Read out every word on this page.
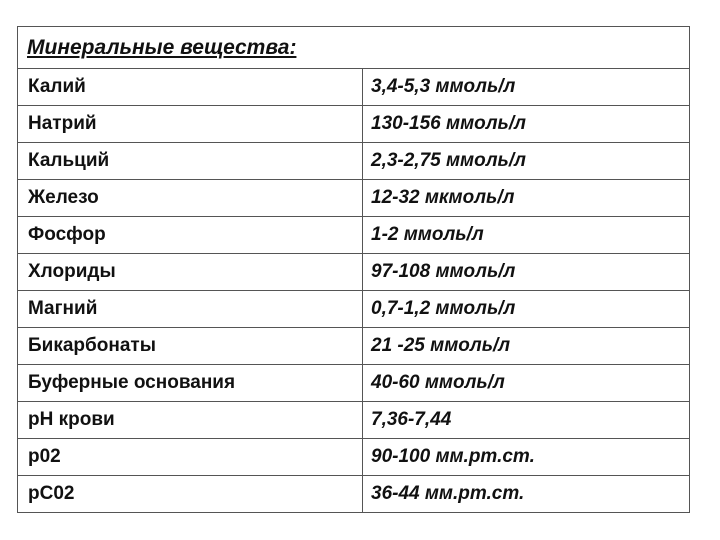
Минеральные вещества:	
Калий	3,4-5,3 ммоль/л
Натрий	130-156 ммоль/л
Кальций	2,3-2,75 ммоль/л
Железо	12-32 мкмоль/л
Фосфор	1-2 ммоль/л
Хлориды	97-108 ммоль/л
Магний	0,7-1,2 ммоль/л
Бикарбонаты	21 -25 ммоль/л
Буферные основания	40-60 ммоль/л
pH крови	7,36-7,44
p02	90-100 мм.рт.ст.
pC02	36-44 мм.рт.ст.
